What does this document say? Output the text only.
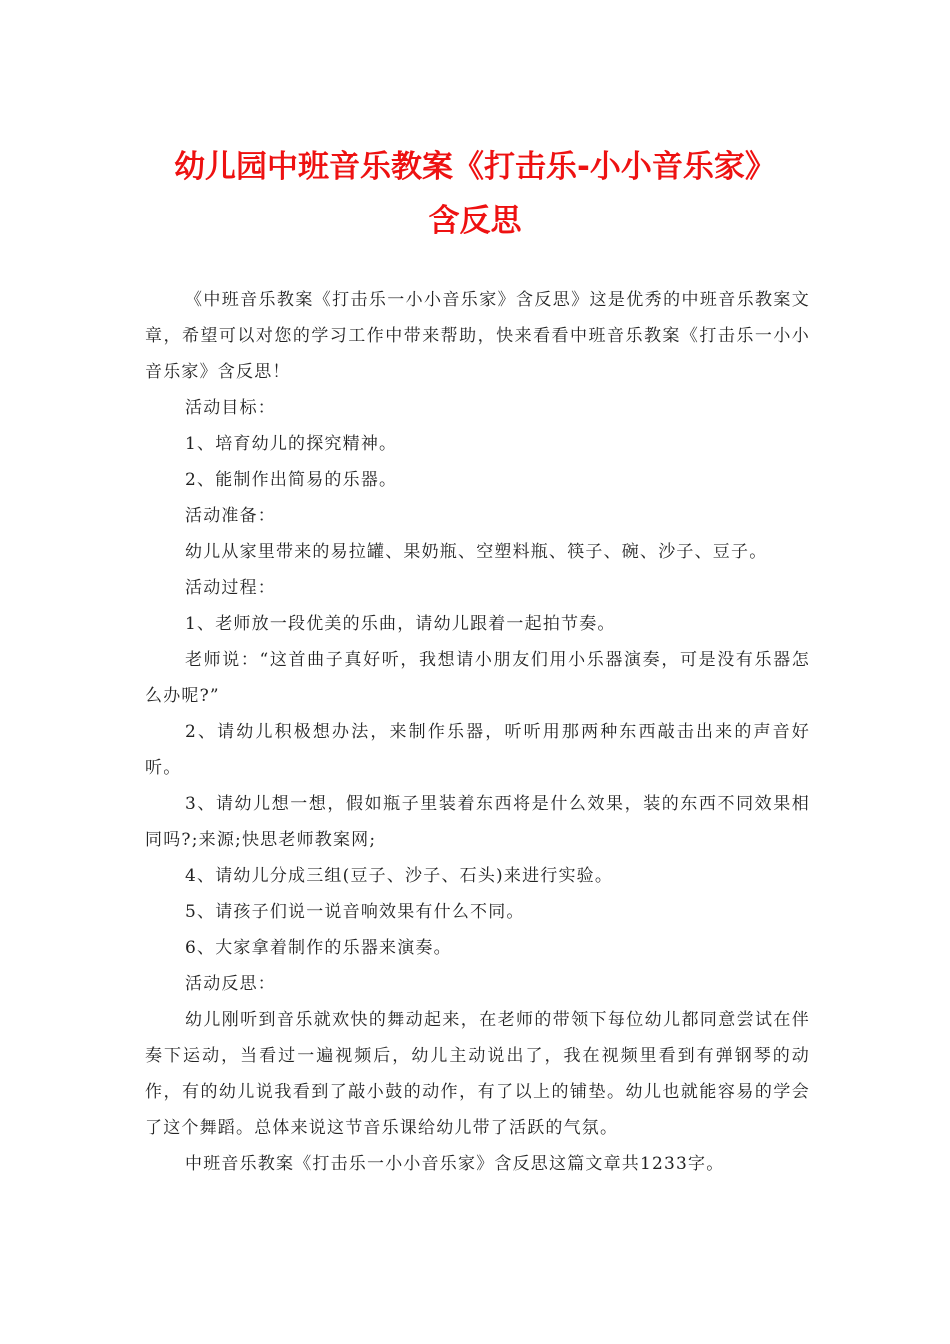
幼儿园中班音乐教案《打击乐-小小音乐家》
含反思

《中班音乐教案《打击乐一小小音乐家》含反思》这是优秀的中班音乐教案文章，希望可以对您的学习工作中带来帮助，快来看看中班音乐教案《打击乐一小小音乐家》含反思！

活动目标：

1、培育幼儿的探究精神。

2、能制作出简易的乐器。

活动准备：

幼儿从家里带来的易拉罐、果奶瓶、空塑料瓶、筷子、碗、沙子、豆子。

活动过程：

1、老师放一段优美的乐曲，请幼儿跟着一起拍节奏。

老师说：“这首曲子真好听，我想请小朋友们用小乐器演奏，可是没有乐器怎么办呢?”

2、请幼儿积极想办法，来制作乐器，听听用那两种东西敲击出来的声音好听。

3、请幼儿想一想，假如瓶子里装着东西将是什么效果，装的东西不同效果相同吗?;来源;快思老师教案网;

4、请幼儿分成三组(豆子、沙子、石头)来进行实验。

5、请孩子们说一说音响效果有什么不同。

6、大家拿着制作的乐器来演奏。

活动反思：

幼儿刚听到音乐就欢快的舞动起来，在老师的带领下每位幼儿都同意尝试在伴奏下运动，当看过一遍视频后，幼儿主动说出了，我在视频里看到有弹钢琴的动作，有的幼儿说我看到了敲小鼓的动作，有了以上的铺垫。幼儿也就能容易的学会了这个舞蹈。总体来说这节音乐课给幼儿带了活跃的气氛。

中班音乐教案《打击乐一小小音乐家》含反思这篇文章共1233字。
